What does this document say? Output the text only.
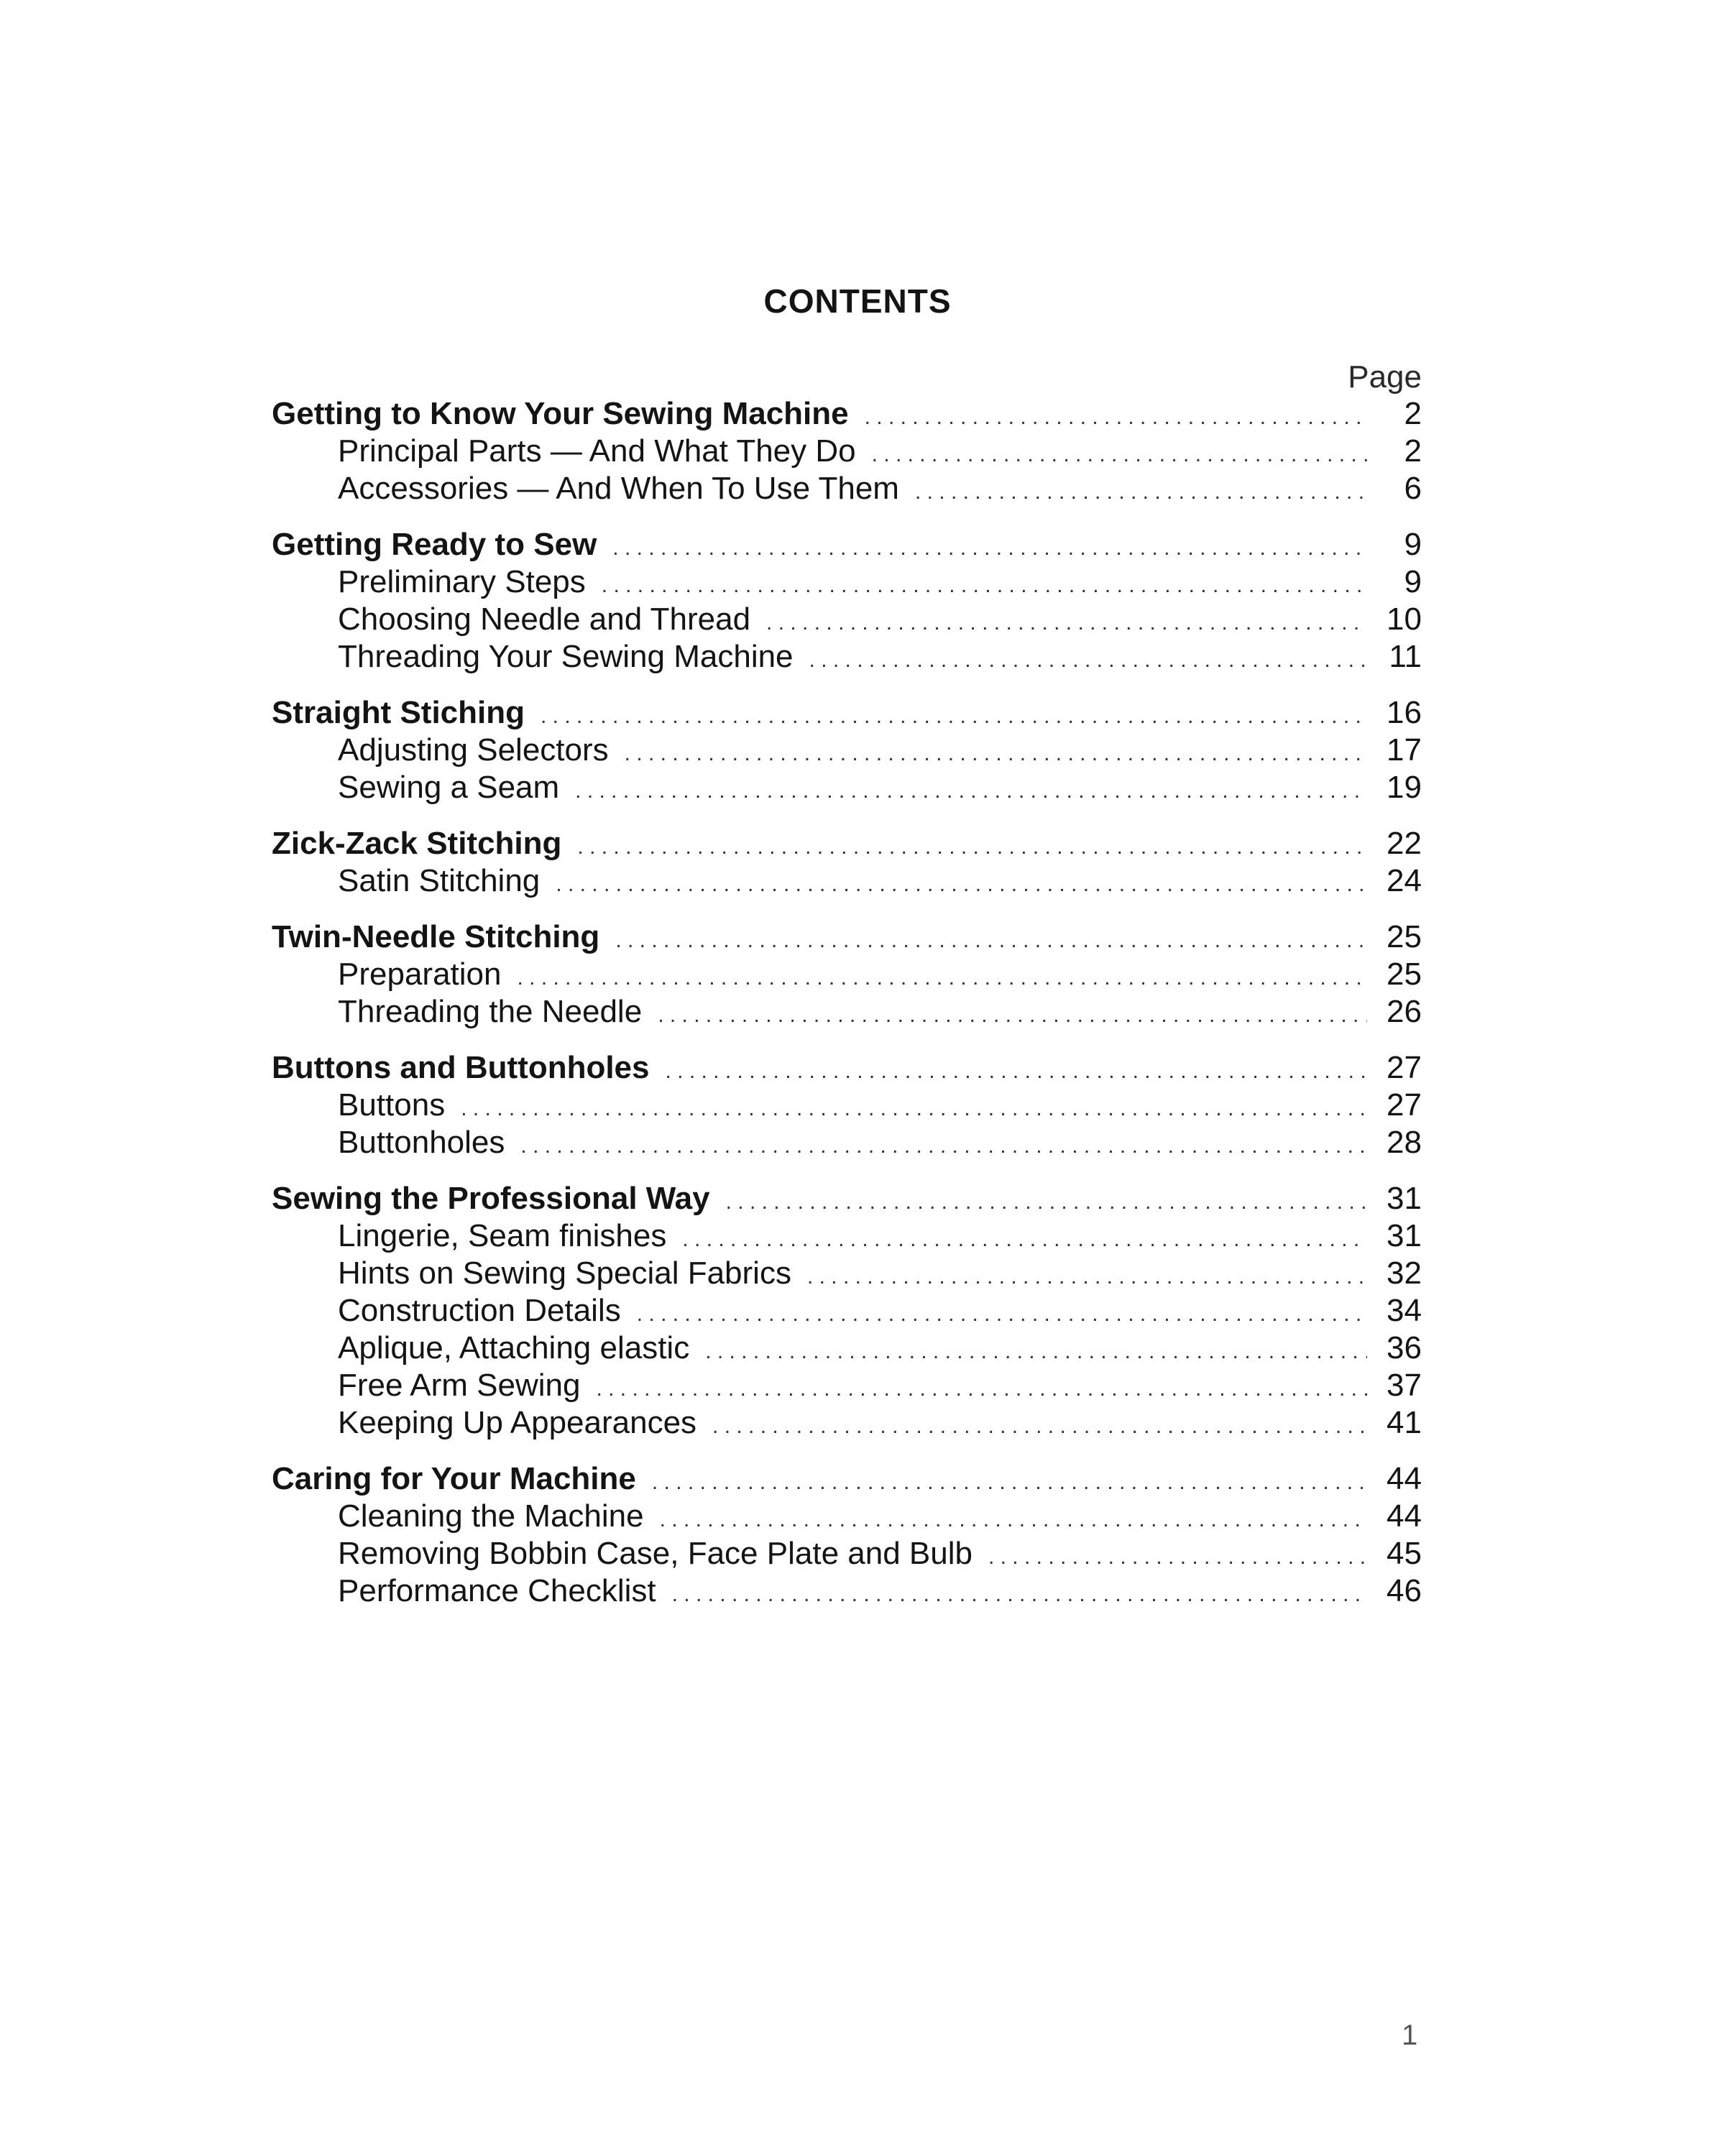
CONTENTS
Page
Getting to Know Your Sewing Machine . . .	2
Principal Parts — And What They Do . . .	2
Accessories — And When To Use Them . . .	6
Getting Ready to Sew . . .	9
Preliminary Steps . . .	9
Choosing Needle and Thread . . .	10
Threading Your Sewing Machine . . .	11
Straight Stiching . . .	16
Adjusting Selectors . . .	17
Sewing a Seam . . .	19
Zick-Zack Stitching . . .	22
Satin Stitching . . .	24
Twin-Needle Stitching . . .	25
Preparation . . .	25
Threading the Needle . . .	26
Buttons and Buttonholes . . .	27
Buttons . . .	27
Buttonholes . . .	28
Sewing the Professional Way . . .	31
Lingerie, Seam finishes . . .	31
Hints on Sewing Special Fabrics . . .	32
Construction Details . . .	34
Aplique, Attaching elastic . . .	36
Free Arm Sewing . . .	37
Keeping Up Appearances . . .	41
Caring for Your Machine . . .	44
Cleaning the Machine . . .	44
Removing Bobbin Case, Face Plate and Bulb . . .	45
Performance Checklist . . .	46
1
